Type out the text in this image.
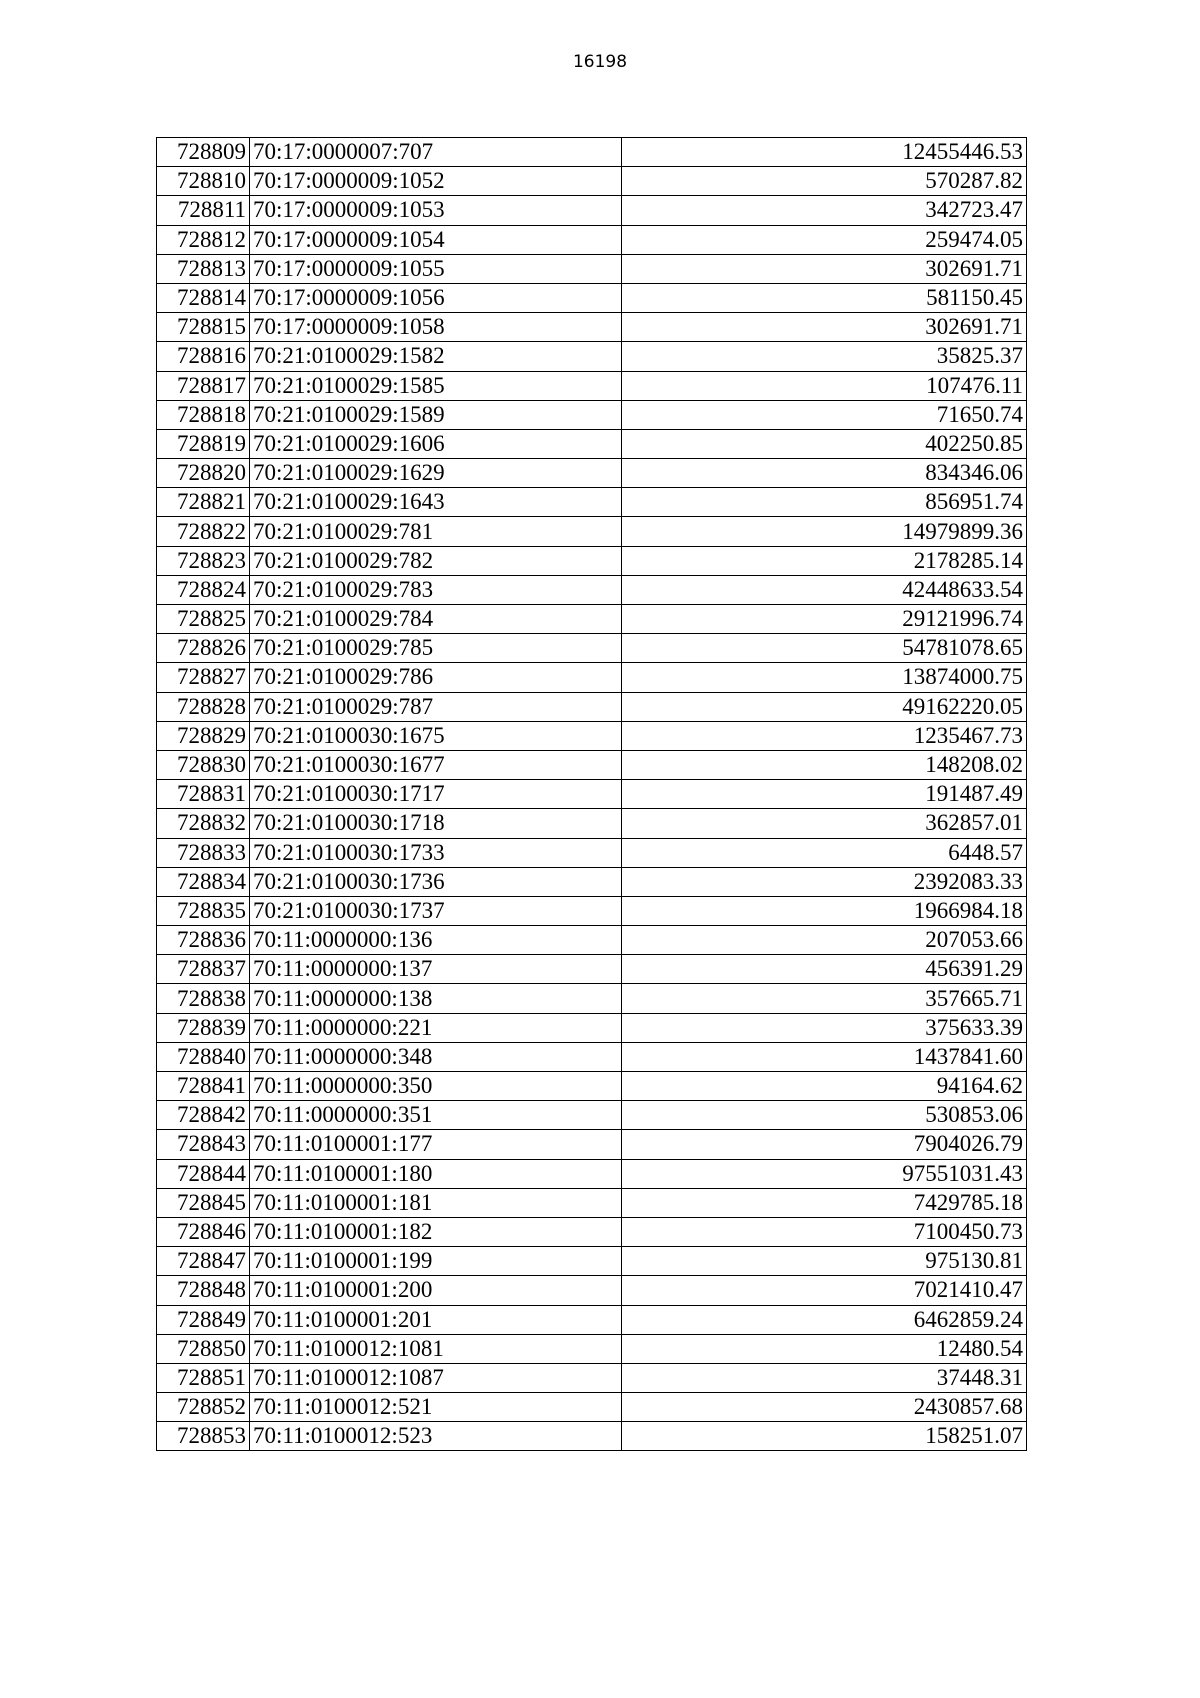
16198
728809	70:17:0000007:707	12455446.53
728810	70:17:0000009:1052	570287.82
728811	70:17:0000009:1053	342723.47
728812	70:17:0000009:1054	259474.05
728813	70:17:0000009:1055	302691.71
728814	70:17:0000009:1056	581150.45
728815	70:17:0000009:1058	302691.71
728816	70:21:0100029:1582	35825.37
728817	70:21:0100029:1585	107476.11
728818	70:21:0100029:1589	71650.74
728819	70:21:0100029:1606	402250.85
728820	70:21:0100029:1629	834346.06
728821	70:21:0100029:1643	856951.74
728822	70:21:0100029:781	14979899.36
728823	70:21:0100029:782	2178285.14
728824	70:21:0100029:783	42448633.54
728825	70:21:0100029:784	29121996.74
728826	70:21:0100029:785	54781078.65
728827	70:21:0100029:786	13874000.75
728828	70:21:0100029:787	49162220.05
728829	70:21:0100030:1675	1235467.73
728830	70:21:0100030:1677	148208.02
728831	70:21:0100030:1717	191487.49
728832	70:21:0100030:1718	362857.01
728833	70:21:0100030:1733	6448.57
728834	70:21:0100030:1736	2392083.33
728835	70:21:0100030:1737	1966984.18
728836	70:11:0000000:136	207053.66
728837	70:11:0000000:137	456391.29
728838	70:11:0000000:138	357665.71
728839	70:11:0000000:221	375633.39
728840	70:11:0000000:348	1437841.60
728841	70:11:0000000:350	94164.62
728842	70:11:0000000:351	530853.06
728843	70:11:0100001:177	7904026.79
728844	70:11:0100001:180	97551031.43
728845	70:11:0100001:181	7429785.18
728846	70:11:0100001:182	7100450.73
728847	70:11:0100001:199	975130.81
728848	70:11:0100001:200	7021410.47
728849	70:11:0100001:201	6462859.24
728850	70:11:0100012:1081	12480.54
728851	70:11:0100012:1087	37448.31
728852	70:11:0100012:521	2430857.68
728853	70:11:0100012:523	158251.07
